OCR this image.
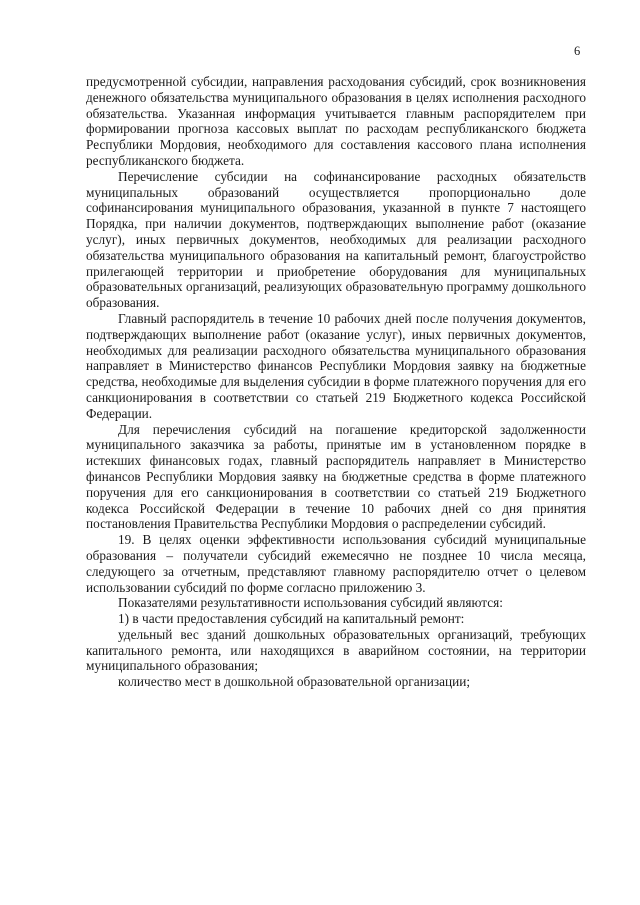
6

предусмотренной субсидии, направления расходования субсидий, срок возникновения денежного обязательства муниципального образования в целях исполнения расходного обязательства. Указанная информация учитывается главным распорядителем при формировании прогноза кассовых выплат по расходам республиканского бюджета Республики Мордовия, необходимого для составления кассового плана исполнения республиканского бюджета.

Перечисление субсидии на софинансирование расходных обязательств муниципальных образований осуществляется пропорционально доле софинансирования муниципального образования, указанной в пункте 7 настоящего Порядка, при наличии документов, подтверждающих выполнение работ (оказание услуг), иных первичных документов, необходимых для реализации расходного обязательства муниципального образования на капитальный ремонт, благоустройство прилегающей территории и приобретение оборудования для муниципальных образовательных организаций, реализующих образовательную программу дошкольного образования.

Главный распорядитель в течение 10 рабочих дней после получения документов, подтверждающих выполнение работ (оказание услуг), иных первичных документов, необходимых для реализации расходного обязательства муниципального образования направляет в Министерство финансов Республики Мордовия заявку на бюджетные средства, необходимые для выделения субсидии в форме платежного поручения для его санкционирования в соответствии со статьей 219 Бюджетного кодекса Российской Федерации.

Для перечисления субсидий на погашение кредиторской задолженности муниципального заказчика за работы, принятые им в установленном порядке в истекших финансовых годах, главный распорядитель направляет в Министерство финансов Республики Мордовия заявку на бюджетные средства в форме платежного поручения для его санкционирования в соответствии со статьей 219 Бюджетного кодекса Российской Федерации в течение 10 рабочих дней со дня принятия постановления Правительства Республики Мордовия о распределении субсидий.

19. В целях оценки эффективности использования субсидий муниципальные образования – получатели субсидий ежемесячно не позднее 10 числа месяца, следующего за отчетным, представляют главному распорядителю отчет о целевом использовании субсидий по форме согласно приложению 3.

Показателями результативности использования субсидий являются:

1) в части предоставления субсидий на капитальный ремонт:

удельный вес зданий дошкольных образовательных организаций, требующих капитального ремонта, или находящихся в аварийном состоянии, на территории муниципального образования;

количество мест в дошкольной образовательной организации;
